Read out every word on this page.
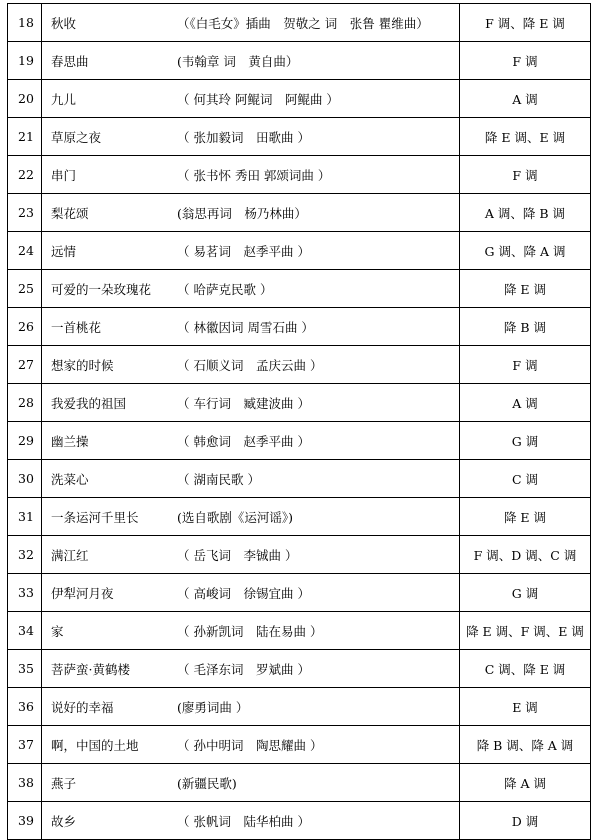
18	秋收 （《白毛女》插曲　贺敬之 词　张鲁 瞿维曲）	F 调、降 E 调
19	春思曲 (韦翰章 词　黄自曲）	F 调
20	九儿 （ 何其玲 阿鲲词　阿鲲曲 ）	A 调
21	草原之夜 （ 张加毅词　田歌曲 ）	降 E 调、E 调
22	串门 （ 张书怀 秀田 郭颂词曲 ）	F 调
23	梨花颂 (翁思再词　杨乃林曲）	A 调、降 B 调
24	远情 （ 易茗词　赵季平曲 ）	G 调、降 A 调
25	可爱的一朵玫瑰花 （ 哈萨克民歌 ）	降 E 调
26	一首桃花 （ 林徽因词 周雪石曲 ）	降 B 调
27	想家的时候 （ 石顺义词　孟庆云曲 ）	F 调
28	我爱我的祖国 （ 车行词　臧建波曲 ）	A 调
29	幽兰操 （ 韩愈词　赵季平曲 ）	G 调
30	洗菜心 （ 湖南民歌 ）	C 调
31	一条运河千里长 (选自歌剧《运河谣》)	降 E 调
32	满江红 （ 岳飞词　李铖曲 ）	F 调、D 调、C 调
33	伊犁河月夜 （ 高峻词　徐锡宜曲 ）	G 调
34	家 （ 孙新凯词　陆在易曲 ）	降 E 调、F 调、E 调
35	菩萨蛮·黄鹤楼 （ 毛泽东词　罗斌曲 ）	C 调、降 E 调
36	说好的幸福 (廖勇词曲 ）	E 调
37	啊，中国的土地 （ 孙中明词　陶思耀曲 ）	降 B 调、降 A 调
38	燕子 (新疆民歌)	降 A 调
39	故乡 （ 张帆词　陆华柏曲 ）	D 调
